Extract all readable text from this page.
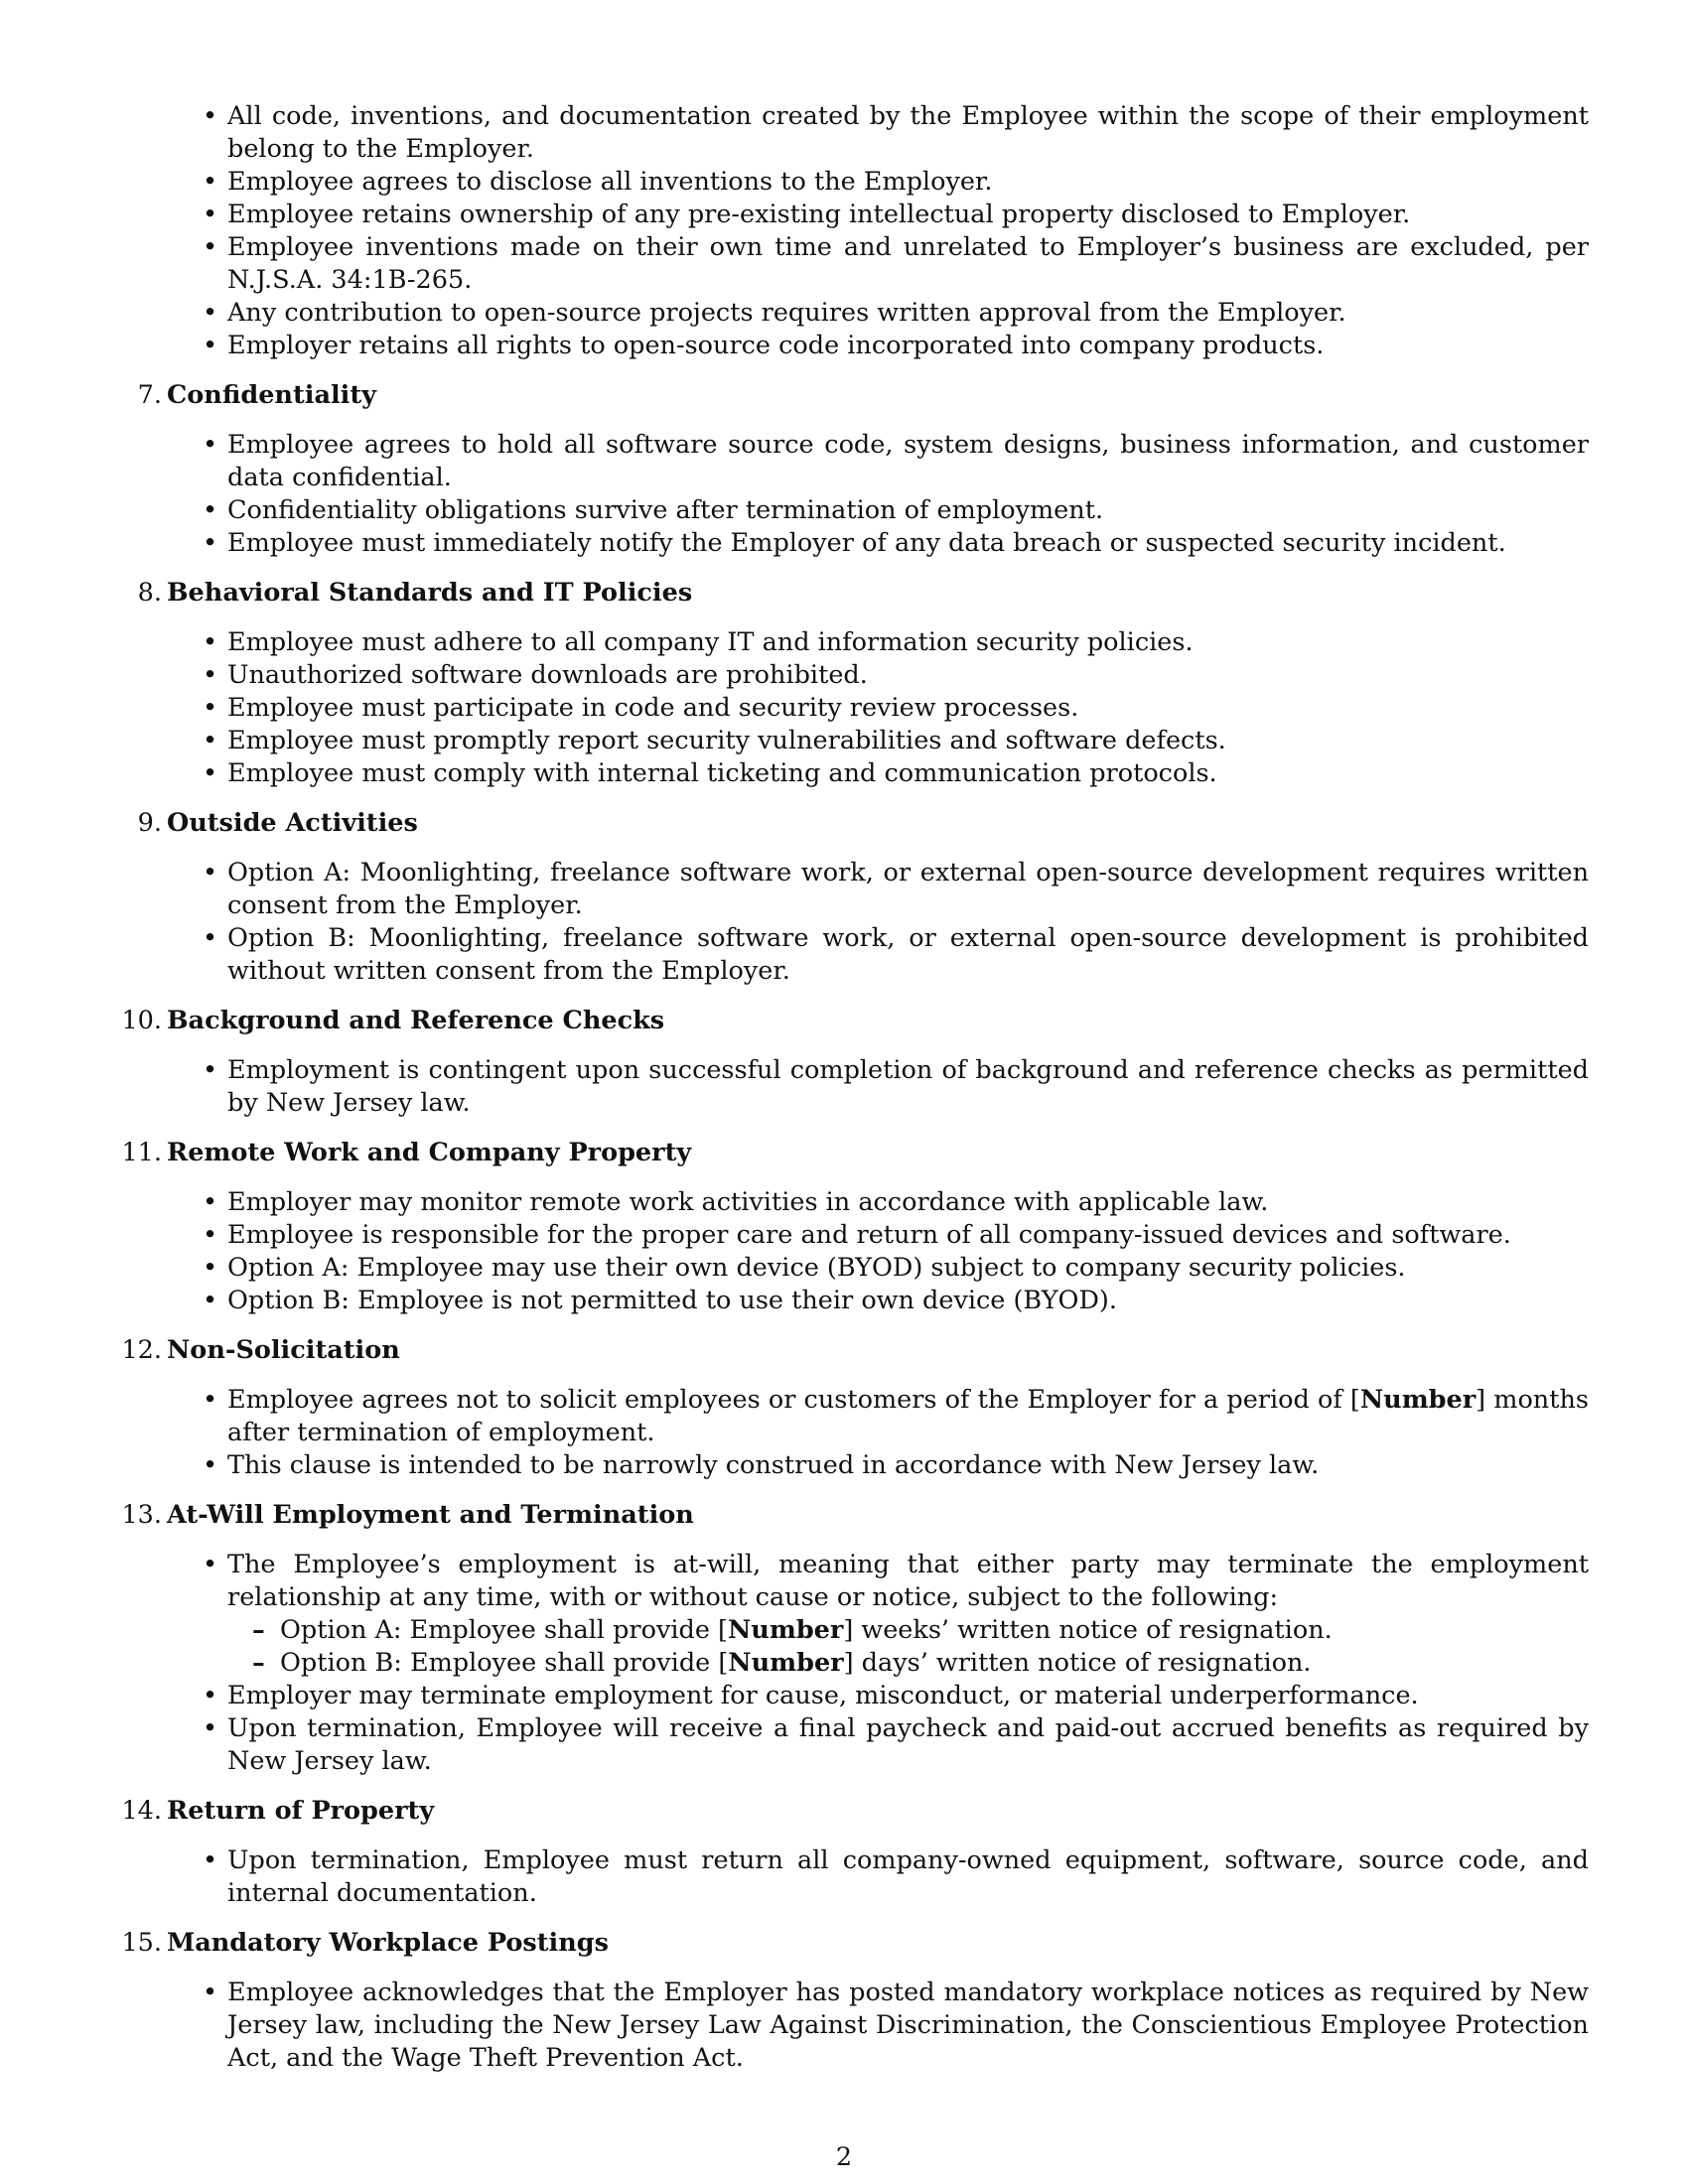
• All code, inventions, and documentation created by the Employee within the scope of their employment belong to the Employer.
• Employee agrees to disclose all inventions to the Employer.
• Employee retains ownership of any pre-existing intellectual property disclosed to Employer.
• Employee inventions made on their own time and unrelated to Employer’s business are excluded, per N.J.S.A. 34:1B-265.
• Any contribution to open-source projects requires written approval from the Employer.
• Employer retains all rights to open-source code incorporated into company products.
7. Confidentiality
• Employee agrees to hold all software source code, system designs, business information, and customer data confidential.
• Confidentiality obligations survive after termination of employment.
• Employee must immediately notify the Employer of any data breach or suspected security incident.
8. Behavioral Standards and IT Policies
• Employee must adhere to all company IT and information security policies.
• Unauthorized software downloads are prohibited.
• Employee must participate in code and security review processes.
• Employee must promptly report security vulnerabilities and software defects.
• Employee must comply with internal ticketing and communication protocols.
9. Outside Activities
• Option A: Moonlighting, freelance software work, or external open-source development requires written consent from the Employer.
• Option B: Moonlighting, freelance software work, or external open-source development is prohibited without written consent from the Employer.
10. Background and Reference Checks
• Employment is contingent upon successful completion of background and reference checks as permitted by New Jersey law.
11. Remote Work and Company Property
• Employer may monitor remote work activities in accordance with applicable law.
• Employee is responsible for the proper care and return of all company-issued devices and software.
• Option A: Employee may use their own device (BYOD) subject to company security policies.
• Option B: Employee is not permitted to use their own device (BYOD).
12. Non-Solicitation
• Employee agrees not to solicit employees or customers of the Employer for a period of [Number] months after termination of employment.
• This clause is intended to be narrowly construed in accordance with New Jersey law.
13. At-Will Employment and Termination
• The Employee’s employment is at-will, meaning that either party may terminate the employment relationship at any time, with or without cause or notice, subject to the following:
– Option A: Employee shall provide [Number] weeks’ written notice of resignation.
– Option B: Employee shall provide [Number] days’ written notice of resignation.
• Employer may terminate employment for cause, misconduct, or material underperformance.
• Upon termination, Employee will receive a final paycheck and paid-out accrued benefits as required by New Jersey law.
14. Return of Property
• Upon termination, Employee must return all company-owned equipment, software, source code, and internal documentation.
15. Mandatory Workplace Postings
• Employee acknowledges that the Employer has posted mandatory workplace notices as required by New Jersey law, including the New Jersey Law Against Discrimination, the Conscientious Employee Protection Act, and the Wage Theft Prevention Act.
2
